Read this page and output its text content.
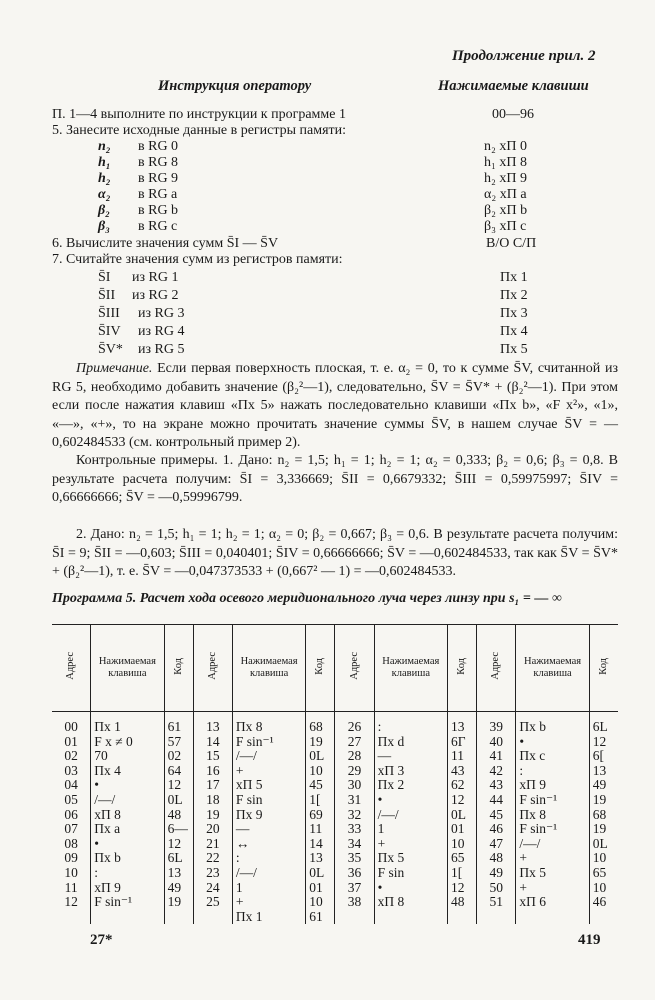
Продолжение прил. 2
Инструкция оператору	Нажимаемые клавиши
П. 1—4 выполните по инструкции к программе 1	00—96
5. Занесите исходные данные в регистры памяти:
n₂ в RG 0	n₂ xП 0
h₁ в RG 8	h₁ xП 8
h₂ в RG 9	h₂ xП 9
α₂ в RG a	α₂ xП a
β₂ в RG b	β₂ xП b
β₃ в RG c	β₃ xП c
6. Вычислите значения сумм S̄I — S̄V	В/О С/П
7. Считайте значения сумм из регистров памяти:
S̄I из RG 1	Пх 1
S̄II из RG 2	Пх 2
S̄III из RG 3	Пх 3
S̄IV из RG 4	Пх 4
S̄V* из RG 5	Пх 5
Примечание. Если первая поверхность плоская, т. е. α₂ = 0, то к сумме S̄V, считанной из RG 5, необходимо добавить значение (β₂²—1), следовательно, S̄V = S̄V* + (β₂²—1). При этом если после нажатия клавиш «Пх 5» нажать последовательно клавиши «Пх b», «F x²», «1», «—», «+», то на экране можно прочитать значение суммы S̄V, в нашем случае S̄V = —0,602484533 (см. контрольный пример 2).
Контрольные примеры. 1. Дано: n₂ = 1,5; h₁ = 1; h₂ = 1; α₂ = 0,333; β₂ = 0,6; β₃ = 0,8. В результате расчета получим: S̄I = 3,336669; S̄II = 0,6679332; S̄III = 0,59975997; S̄IV = 0,66666666; S̄V = —0,59996799.
2. Дано: n₂ = 1,5; h₁ = 1; h₂ = 1; α₂ = 0; β₂ = 0,667; β₃ = 0,6. В результате расчета получим: S̄I = 9; S̄II = —0,603; S̄III = 0,040401; S̄IV = 0,66666666; S̄V = —0,602484533, так как S̄V = S̄V* + (β₂²—1), т. е. S̄V = —0,047373533 + (0,667² — 1) = —0,602484533.
Программа 5. Расчет хода осевого меридионального луча через линзу при s₁ = — ∞
Адрес	Нажимаемая клавиша	Код	Адрес	Нажимаемая клавиша	Код	Адрес	Нажимаемая клавиша	Код	Адрес	Нажимаемая клавиша	Код
00	Пх 1	61	13	Пх 8	68	26	:	13	39	Пх b	6L
01	F x ≠ 0	57	14	F sin⁻¹	19	27	Пх d	6Г	40	•	12
02	70	02	15	/—/	0L	28	—	11	41	Пх c	6[
03	Пх 4	64	16	+	10	29	xП 3	43	42	:	13
04	•	12	17	xП 5	45	30	Пх 2	62	43	xП 9	49
05	/—/	0L	18	F sin	1[	31	•	12	44	F sin⁻¹	19
06	xП 8	48	19	Пх 9	69	32	/—/	0L	45	Пх 8	68
07	Пх a	6—	20	—	11	33	1	01	46	F sin⁻¹	19
08	•	12	21	↔	14	34	+	10	47	/—/	0L
09	Пх b	6L	22	:	13	35	Пх 5	65	48	+	10
10	:	13	23	/—/	0L	36	F sin	1[	49	Пх 5	65
11	xП 9	49	24	1	01	37	•	12	50	+	10
12	F sin⁻¹	19	25	+	10	38	xП 8	48	51	xП 6	46
				Пх 1	61						
27*	419
